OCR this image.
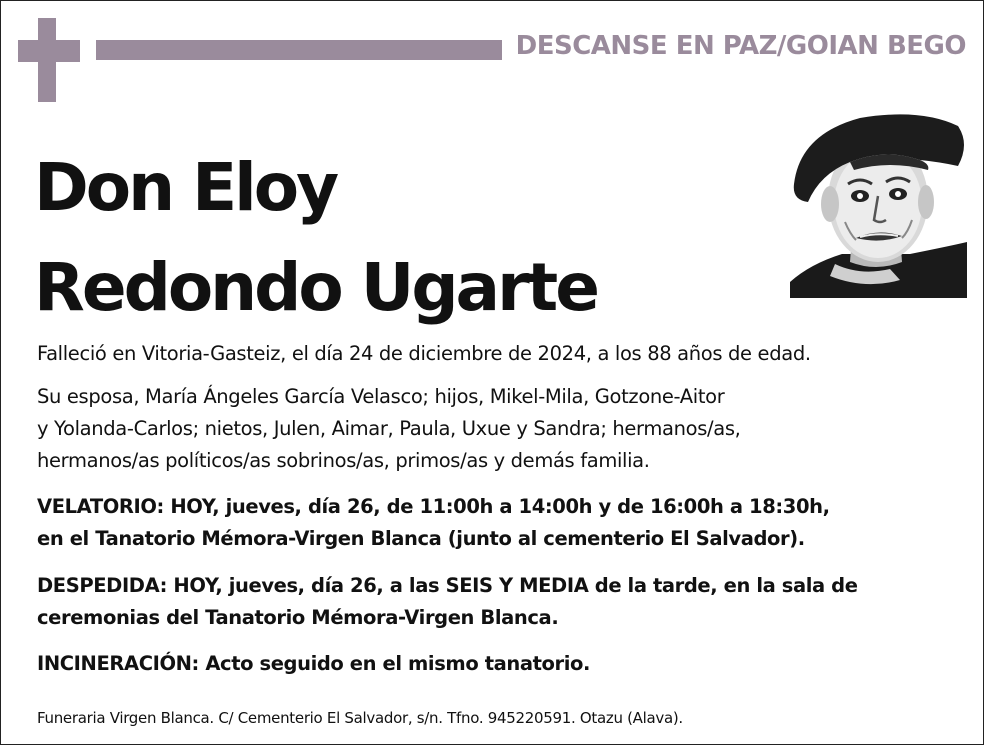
DESCANSE EN PAZ/GOIAN BEGO
Don Eloy
Redondo Ugarte
Falleció en Vitoria-Gasteiz, el día 24 de diciembre de 2024, a los 88 años de edad.
Su esposa, María Ángeles García Velasco; hijos, Mikel-Mila, Gotzone-Aitor
y Yolanda-Carlos; nietos, Julen, Aimar, Paula, Uxue y Sandra; hermanos/as,
hermanos/as políticos/as sobrinos/as, primos/as y demás familia.
VELATORIO: HOY, jueves, día 26, de 11:00h a 14:00h y de 16:00h a 18:30h,
en el Tanatorio Mémora-Virgen Blanca (junto al cementerio El Salvador).
DESPEDIDA: HOY, jueves, día 26, a las SEIS Y MEDIA de la tarde, en la sala de
ceremonias del Tanatorio Mémora-Virgen Blanca.
INCINERACIÓN: Acto seguido en el mismo tanatorio.
Funeraria Virgen Blanca. C/ Cementerio El Salvador, s/n. Tfno. 945220591. Otazu (Alava).
